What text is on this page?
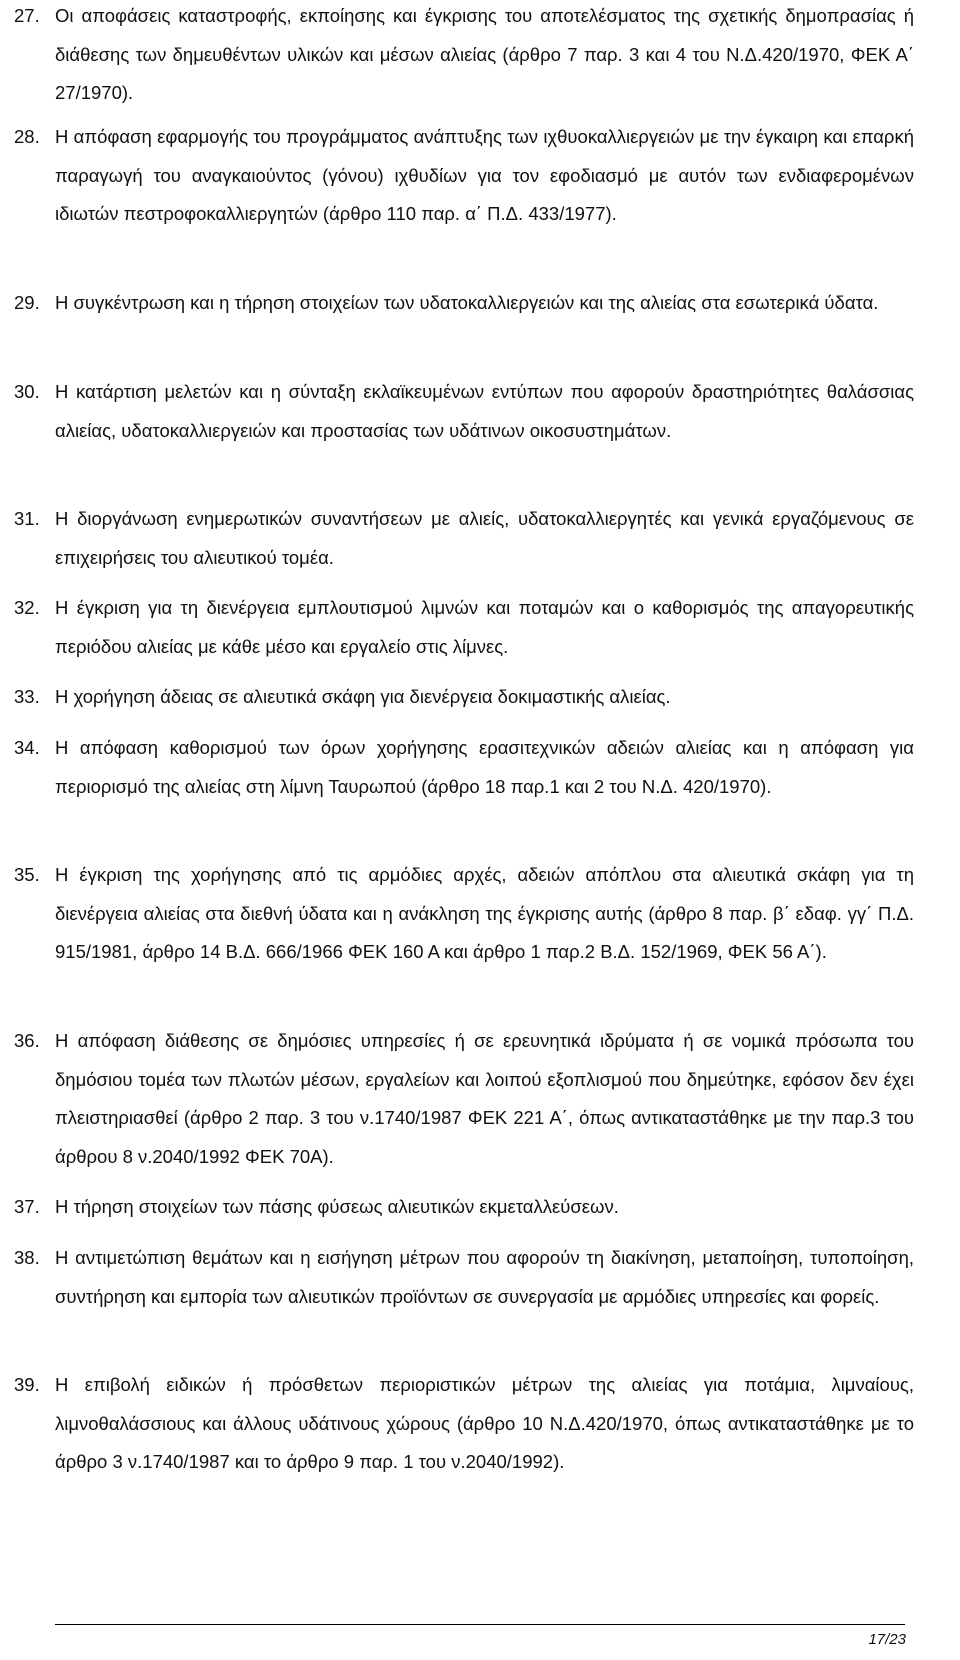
27. Οι αποφάσεις καταστροφής, εκποίησης και έγκρισης του αποτελέσματος της σχετικής δημοπρασίας ή διάθεσης των δημευθέντων υλικών και μέσων αλιείας (άρθρο 7 παρ. 3 και 4 του Ν.Δ.420/1970, ΦΕΚ Α΄ 27/1970).
28. Η απόφαση εφαρμογής του προγράμματος ανάπτυξης των ιχθυοκαλλιεργειών με την έγκαιρη και επαρκή παραγωγή του αναγκαιούντος (γόνου) ιχθυδίων για τον εφοδιασμό με αυτόν των ενδιαφερομένων ιδιωτών πεστροφοκαλλιεργητών (άρθρο 110 παρ. α΄ Π.Δ. 433/1977).
29. Η συγκέντρωση και η τήρηση στοιχείων των υδατοκαλλιεργειών και της αλιείας στα εσωτερικά ύδατα.
30. Η κατάρτιση μελετών και η σύνταξη εκλαϊκευμένων εντύπων που αφορούν δραστηριότητες θαλάσσιας αλιείας, υδατοκαλλιεργειών και προστασίας των υδάτινων οικοσυστημάτων.
31. Η διοργάνωση ενημερωτικών συναντήσεων με αλιείς, υδατοκαλλιεργητές και γενικά εργαζόμενους σε επιχειρήσεις του αλιευτικού τομέα.
32. Η έγκριση για τη διενέργεια εμπλουτισμού λιμνών και ποταμών και ο καθορισμός της απαγορευτικής περιόδου αλιείας με κάθε μέσο και εργαλείο στις λίμνες.
33. Η χορήγηση άδειας σε αλιευτικά σκάφη για διενέργεια δοκιμαστικής αλιείας.
34. Η απόφαση καθορισμού των όρων χορήγησης ερασιτεχνικών αδειών αλιείας και η απόφαση για περιορισμό της αλιείας στη λίμνη Ταυρωπού (άρθρο 18 παρ.1 και 2 του Ν.Δ. 420/1970).
35. Η έγκριση της χορήγησης από τις αρμόδιες αρχές, αδειών απόπλου στα αλιευτικά σκάφη για τη διενέργεια αλιείας στα διεθνή ύδατα και η ανάκληση της έγκρισης αυτής (άρθρο 8 παρ. β΄ εδαφ. γγ΄ Π.Δ. 915/1981, άρθρο 14 Β.Δ. 666/1966 ΦΕΚ 160 Α και άρθρο 1 παρ.2 Β.Δ. 152/1969, ΦΕΚ 56 Α΄).
36. Η απόφαση διάθεσης σε δημόσιες υπηρεσίες ή σε ερευνητικά ιδρύματα ή σε νομικά πρόσωπα του δημόσιου τομέα των πλωτών μέσων, εργαλείων και λοιπού εξοπλισμού που δημεύτηκε, εφόσον δεν έχει πλειστηριασθεί (άρθρο 2 παρ. 3 του ν.1740/1987 ΦΕΚ 221 Α΄, όπως αντικαταστάθηκε με την παρ.3 του άρθρου 8 ν.2040/1992 ΦΕΚ 70Α).
37. Η τήρηση στοιχείων των πάσης φύσεως αλιευτικών εκμεταλλεύσεων.
38. Η αντιμετώπιση θεμάτων και η εισήγηση μέτρων που αφορούν τη διακίνηση, μεταποίηση, τυποποίηση, συντήρηση και εμπορία των αλιευτικών προϊόντων σε συνεργασία με αρμόδιες υπηρεσίες και φορείς.
39. Η επιβολή ειδικών ή πρόσθετων περιοριστικών μέτρων της αλιείας για ποτάμια, λιμναίους, λιμνοθαλάσσιους και άλλους υδάτινους χώρους (άρθρο 10 Ν.Δ.420/1970, όπως αντικαταστάθηκε με το άρθρο 3 ν.1740/1987 και το άρθρο 9 παρ. 1 του ν.2040/1992).
17/23
